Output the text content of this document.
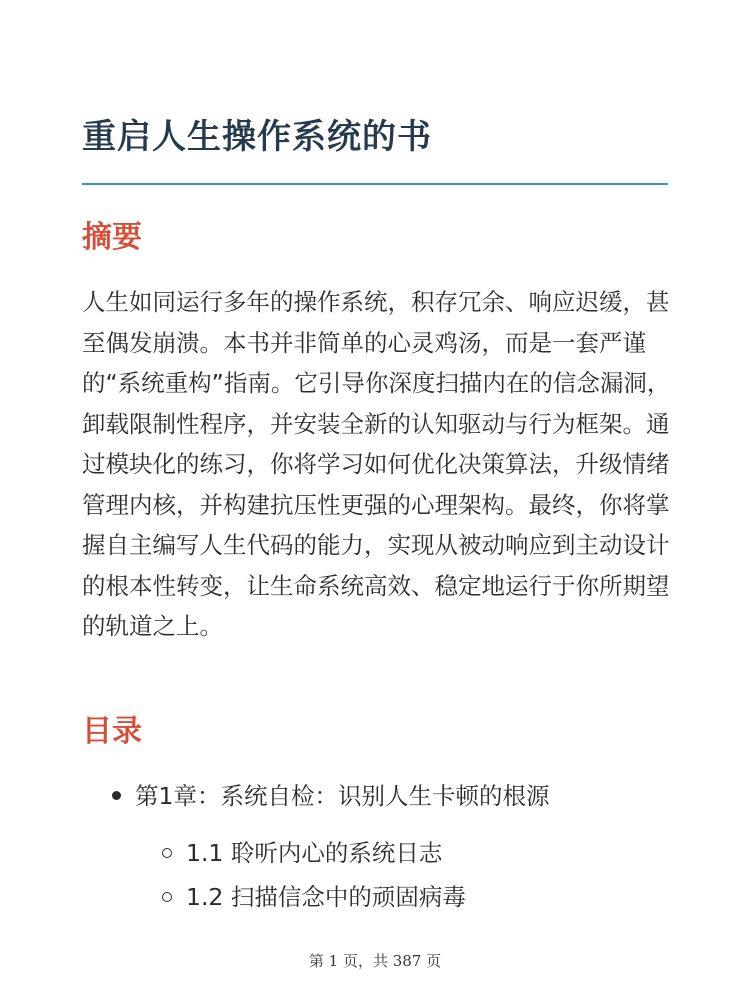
重启人生操作系统的书
摘要

人生如同运行多年的操作系统，积存冗余、响应迟缓，甚至偶发崩溃。本书并非简单的心灵鸡汤，而是一套严谨的“系统重构”指南。它引导你深度扫描内在的信念漏洞，卸载限制性程序，并安装全新的认知驱动与行为框架。通过模块化的练习，你将学习如何优化决策算法，升级情绪管理内核，并构建抗压性更强的心理架构。最终，你将掌握自主编写人生代码的能力，实现从被动响应到主动设计的根本性转变，让生命系统高效、稳定地运行于你所期望的轨道之上。

目录
第1章：系统自检：识别人生卡顿的根源
1.1 聆听内心的系统日志
1.2 扫描信念中的顽固病毒
第 1 页，共 387 页
